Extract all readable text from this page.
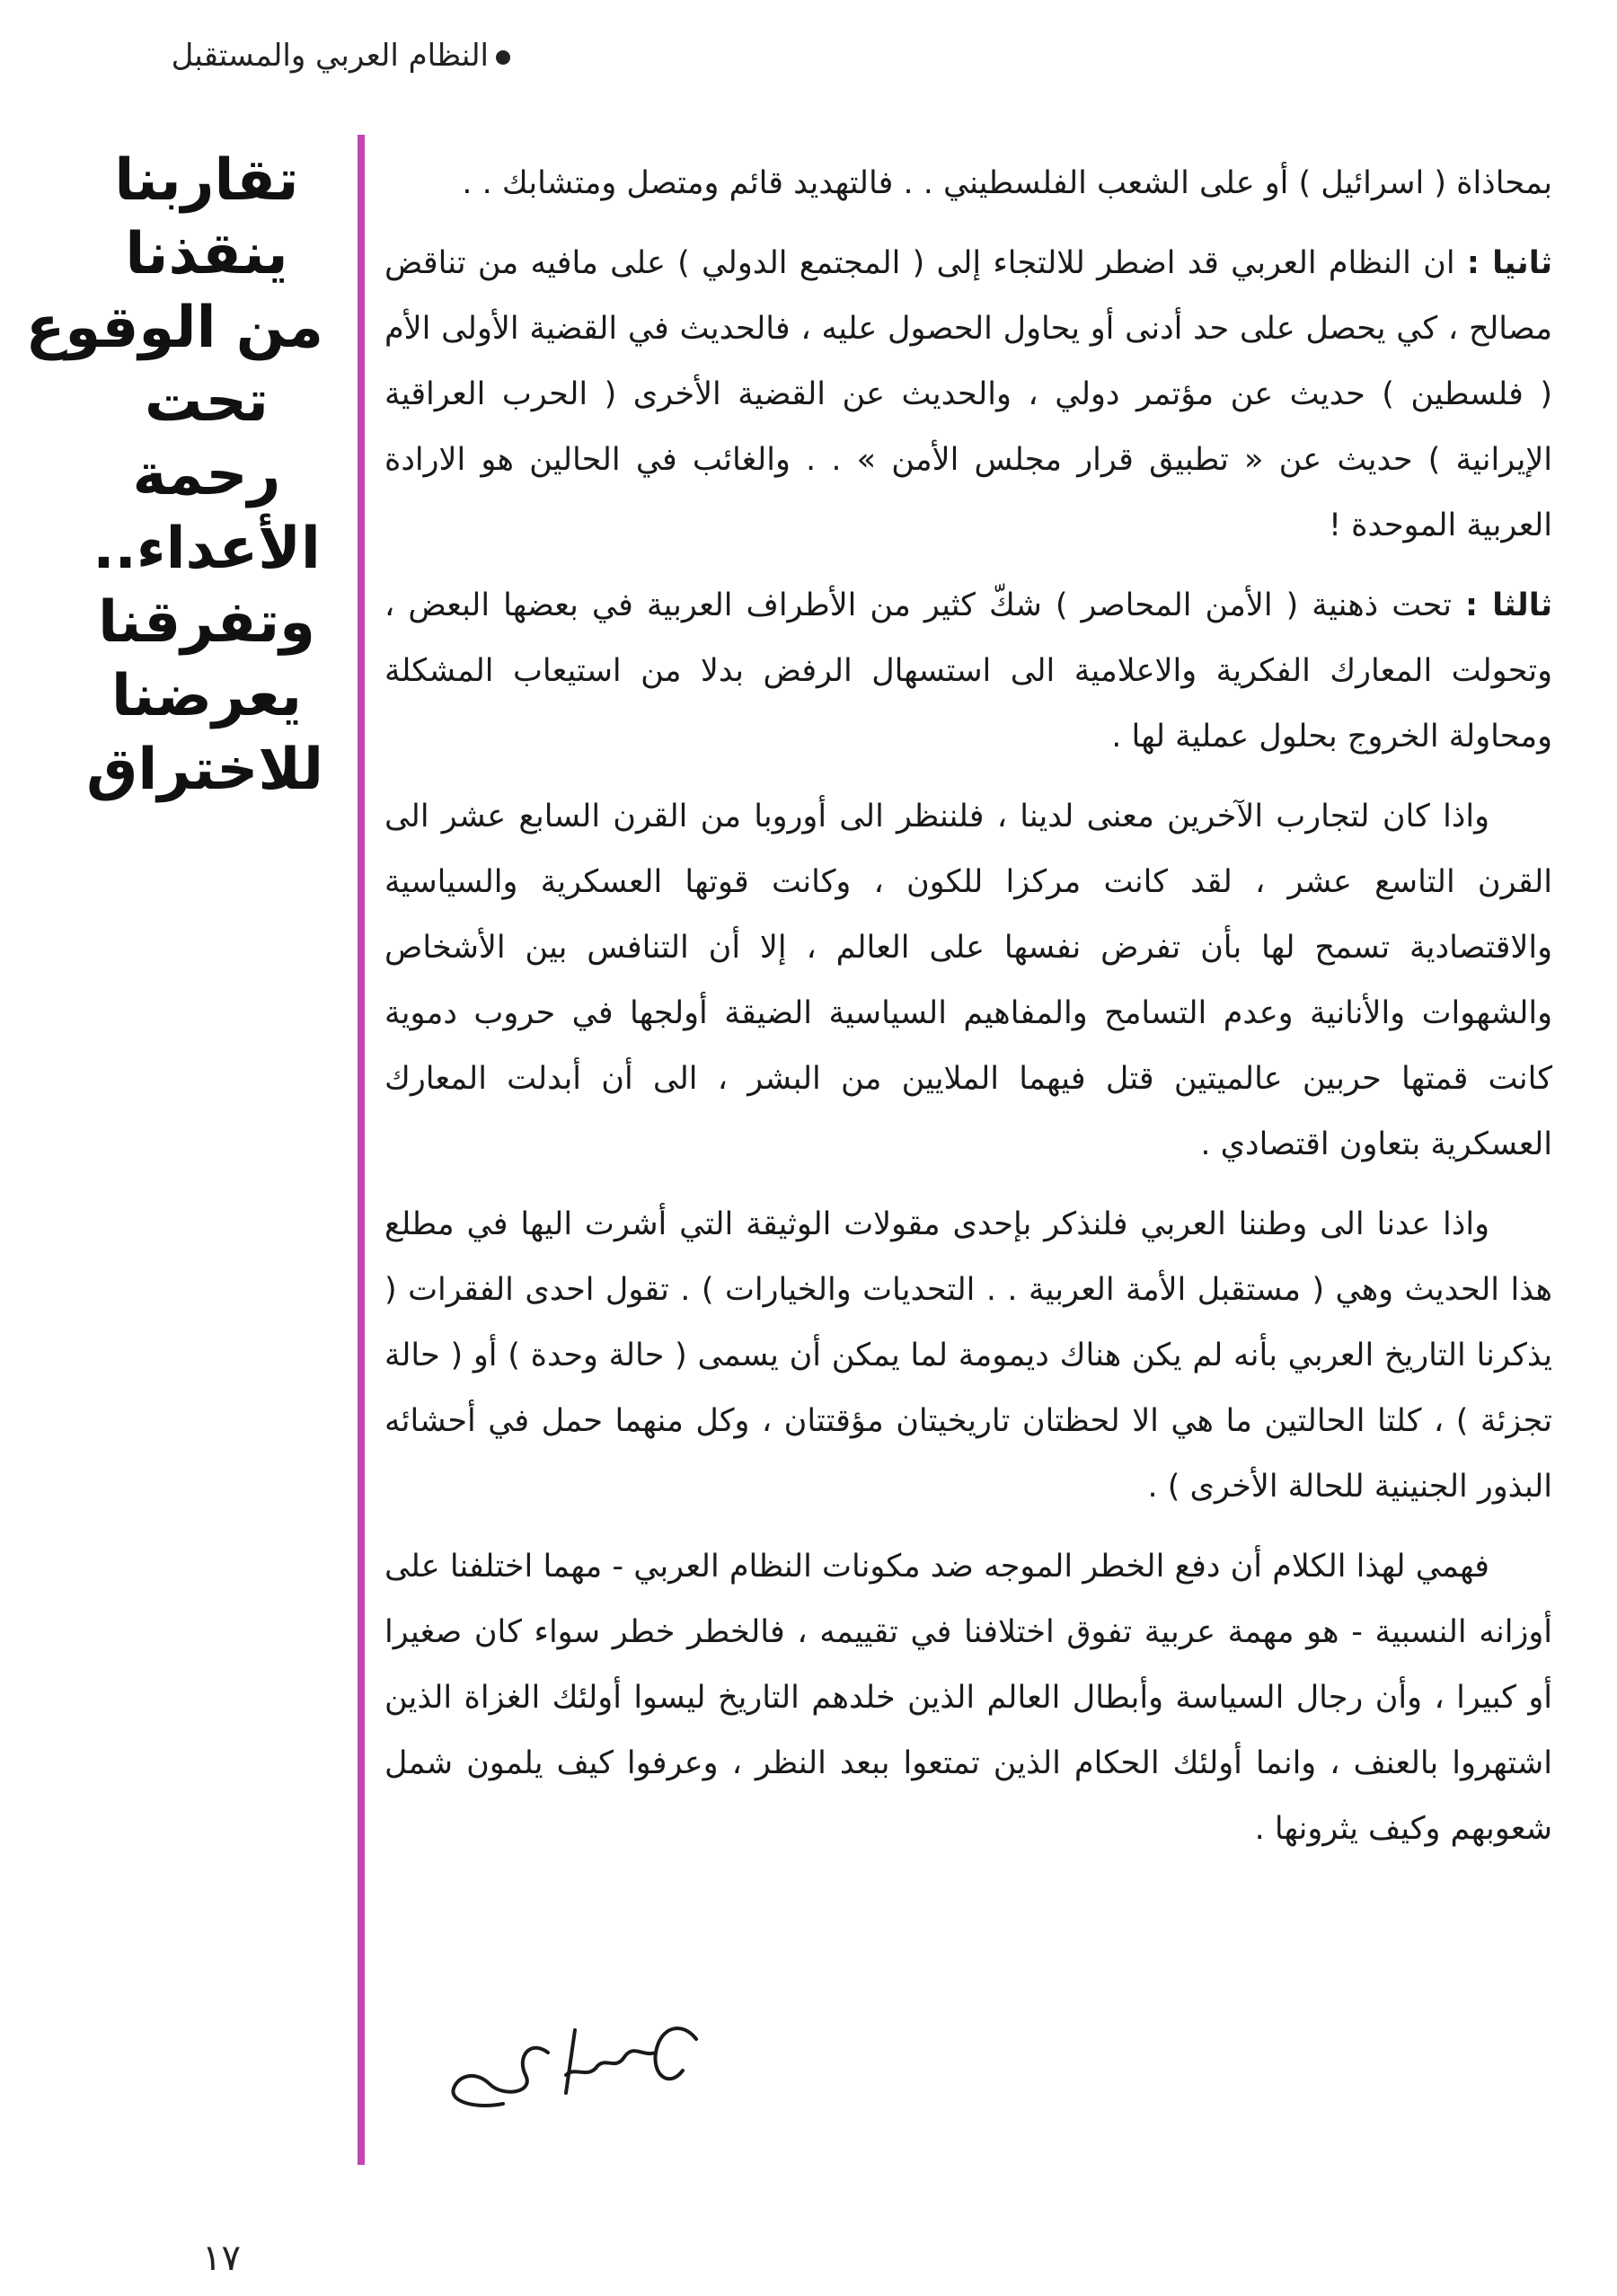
النظام العربي والمستقبل
تقاربنا
ينقذنا
من الوقوع
تحت
رحمة
الأعداء..
وتفرقنا
يعرضنا
للاختراق

بمحاذاة ( اسرائيل ) أو على الشعب الفلسطيني . . فالتهديد قائم ومتصل ومتشابك . .

ثانيا : ان النظام العربي قد اضطر للالتجاء إلى ( المجتمع الدولي ) على مافيه من تناقض مصالح ، كي يحصل على حد أدنى أو يحاول الحصول عليه ، فالحديث في القضية الأولى الأم ( فلسطين ) حديث عن مؤتمر دولي ، والحديث عن القضية الأخرى ( الحرب العراقية الإيرانية ) حديث عن « تطبيق قرار مجلس الأمن » . . والغائب في الحالين هو الارادة العربية الموحدة !

ثالثا : تحت ذهنية ( الأمن المحاصر ) شكّ كثير من الأطراف العربية في بعضها البعض ، وتحولت المعارك الفكرية والاعلامية الى استسهال الرفض بدلا من استيعاب المشكلة ومحاولة الخروج بحلول عملية لها .

واذا كان لتجارب الآخرين معنى لدينا ، فلننظر الى أوروبا من القرن السابع عشر الى القرن التاسع عشر ، لقد كانت مركزا للكون ، وكانت قوتها العسكرية والسياسية والاقتصادية تسمح لها بأن تفرض نفسها على العالم ، إلا أن التنافس بين الأشخاص والشهوات والأنانية وعدم التسامح والمفاهيم السياسية الضيقة أولجها في حروب دموية كانت قمتها حربين عالميتين قتل فيهما الملايين من البشر ، الى أن أبدلت المعارك العسكرية بتعاون اقتصادي .

واذا عدنا الى وطننا العربي فلنذكر بإحدى مقولات الوثيقة التي أشرت اليها في مطلع هذا الحديث وهي ( مستقبل الأمة العربية . . التحديات والخيارات ) . تقول احدى الفقرات ( يذكرنا التاريخ العربي بأنه لم يكن هناك ديمومة لما يمكن أن يسمى ( حالة وحدة ) أو ( حالة تجزئة ) ، كلتا الحالتين ما هي الا لحظتان تاريخيتان مؤقتتان ، وكل منهما حمل في أحشائه البذور الجنينية للحالة الأخرى ) .

فهمي لهذا الكلام أن دفع الخطر الموجه ضد مكونات النظام العربي - مهما اختلفنا على أوزانه النسبية - هو مهمة عربية تفوق اختلافنا في تقييمه ، فالخطر خطر سواء كان صغيرا أو كبيرا ، وأن رجال السياسة وأبطال العالم الذين خلدهم التاريخ ليسوا أولئك الغزاة الذين اشتهروا بالعنف ، وانما أولئك الحكام الذين تمتعوا ببعد النظر ، وعرفوا كيف يلمون شمل شعوبهم وكيف يثرونها .

١٧
